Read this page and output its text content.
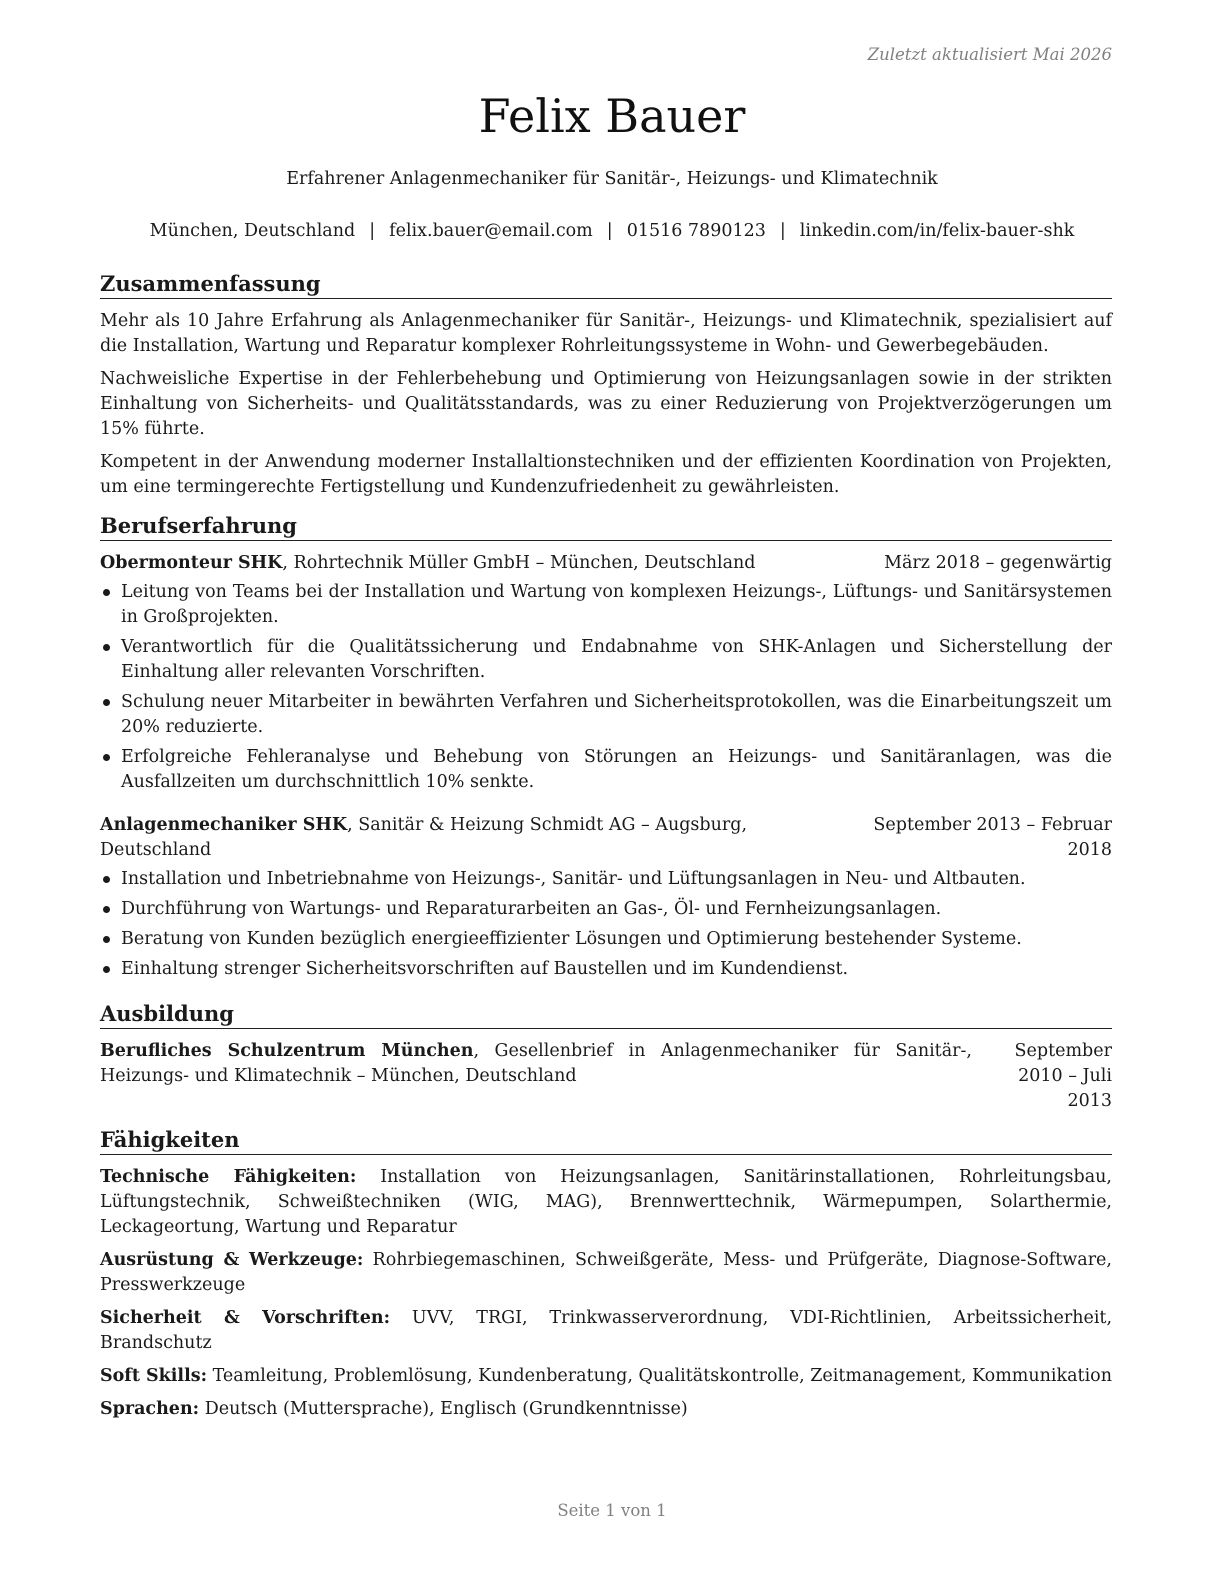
Zuletzt aktualisiert Mai 2026
Felix Bauer
Erfahrener Anlagenmechaniker für Sanitär-, Heizungs- und Klimatechnik
München, Deutschland | felix.bauer@email.com | 01516 7890123 | linkedin.com/in/felix-bauer-shk
Zusammenfassung

Mehr als 10 Jahre Erfahrung als Anlagenmechaniker für Sanitär-, Heizungs- und Klimatechnik, spezialisiert auf die Installation, Wartung und Reparatur komplexer Rohrleitungssysteme in Wohn- und Gewerbegebäuden.

Nachweisliche Expertise in der Fehlerbehebung und Optimierung von Heizungsanlagen sowie in der strikten Einhaltung von Sicherheits- und Qualitätsstandards, was zu einer Reduzierung von Projektverzögerungen um 15% führte.

Kompetent in der Anwendung moderner Installaltionstechniken und der effizienten Koordination von Projekten, um eine termingerechte Fertigstellung und Kundenzufriedenheit zu gewährleisten.

Berufserfahrung
Obermonteur SHK, Rohrtechnik Müller GmbH – München, Deutschland	März 2018 – gegenwärtig
Leitung von Teams bei der Installation und Wartung von komplexen Heizungs-, Lüftungs- und Sanitärsystemen in Großprojekten.
Verantwortlich für die Qualitätssicherung und Endabnahme von SHK-Anlagen und Sicherstellung der Einhaltung aller relevanten Vorschriften.
Schulung neuer Mitarbeiter in bewährten Verfahren und Sicherheitsprotokollen, was die Einarbeitungszeit um 20% reduzierte.
Erfolgreiche Fehleranalyse und Behebung von Störungen an Heizungs- und Sanitäranlagen, was die Ausfallzeiten um durchschnittlich 10% senkte.
Anlagenmechaniker SHK, Sanitär & Heizung Schmidt AG – Augsburg, Deutschland
September 2013 – Februar 2018
Installation und Inbetriebnahme von Heizungs-, Sanitär- und Lüftungsanlagen in Neu- und Altbauten.
Durchführung von Wartungs- und Reparaturarbeiten an Gas-, Öl- und Fernheizungsanlagen.
Beratung von Kunden bezüglich energieeffizienter Lösungen und Optimierung bestehender Systeme.
Einhaltung strenger Sicherheitsvorschriften auf Baustellen und im Kundendienst.
Ausbildung
Berufliches Schulzentrum München, Gesellenbrief in Anlagenmechaniker für Sanitär-, Heizungs- und Klimatechnik – München, Deutschland
September 2010 – Juli 2013
Fähigkeiten

Technische Fähigkeiten: Installation von Heizungsanlagen, Sanitärinstallationen, Rohrleitungsbau, Lüftungstechnik, Schweißtechniken (WIG, MAG), Brennwerttechnik, Wärmepumpen, Solarthermie, Leckageortung, Wartung und Reparatur

Ausrüstung & Werkzeuge: Rohrbiegemaschinen, Schweißgeräte, Mess- und Prüfgeräte, Diagnose-Software, Presswerkzeuge

Sicherheit & Vorschriften: UVV, TRGI, Trinkwasserverordnung, VDI-Richtlinien, Arbeitssicherheit, Brandschutz

Soft Skills: Teamleitung, Problemlösung, Kundenberatung, Qualitätskontrolle, Zeitmanagement, Kommunikation

Sprachen: Deutsch (Muttersprache), Englisch (Grundkenntnisse)

Seite 1 von 1
